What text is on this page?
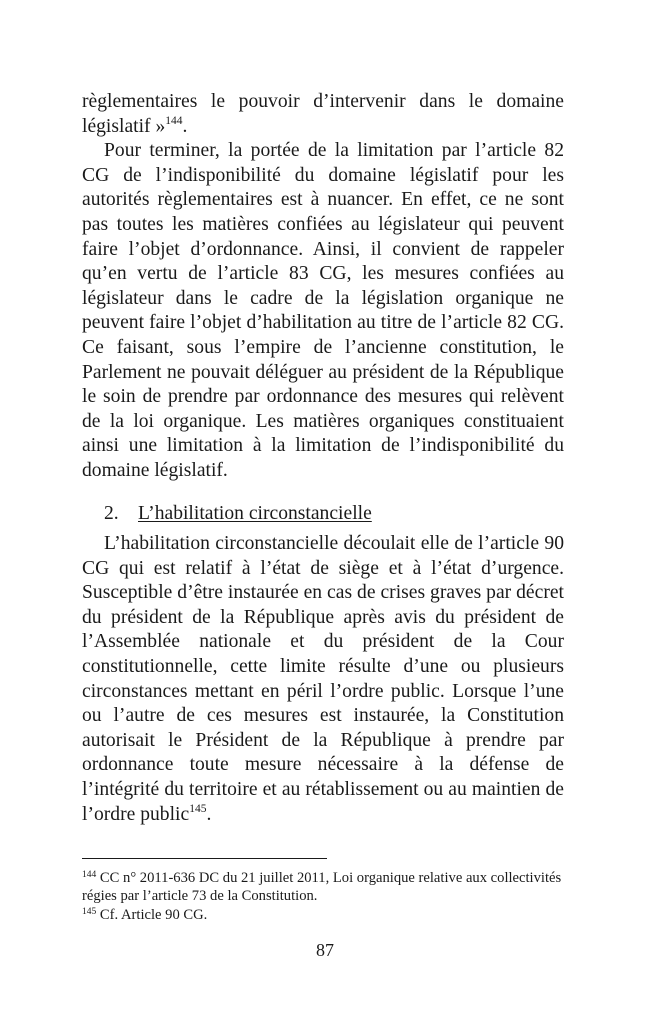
règlementaires le pouvoir d’intervenir dans le domaine législatif »$^{144}$.

Pour terminer, la portée de la limitation par l’article 82 CG de l’indisponibilité du domaine législatif pour les autorités règlementaires est à nuancer. En effet, ce ne sont pas toutes les matières confiées au législateur qui peuvent faire l’objet d’ordonnance. Ainsi, il convient de rappeler qu’en vertu de l’article 83 CG, les mesures confiées au législateur dans le cadre de la législation organique ne peuvent faire l’objet d’habilitation au titre de l’article 82 CG. Ce faisant, sous l’empire de l’ancienne constitution, le Parlement ne pouvait déléguer au président de la République le soin de prendre par ordonnance des mesures qui relèvent de la loi organique. Les matières organiques constituaient ainsi une limitation à la limitation de l’indisponibilité du domaine législatif.

2. L’habilitation circonstancielle

L’habilitation circonstancielle découlait elle de l’article 90 CG qui est relatif à l’état de siège et à l’état d’urgence. Susceptible d’être instaurée en cas de crises graves par décret du président de la République après avis du président de l’Assemblée nationale et du président de la Cour constitutionnelle, cette limite résulte d’une ou plusieurs circonstances mettant en péril l’ordre public. Lorsque l’une ou l’autre de ces mesures est instaurée, la Constitution autorisait le Président de la République à prendre par ordonnance toute mesure nécessaire à la défense de l’intégrité du territoire et au rétablissement ou au maintien de l’ordre public$^{145}$.

$^{144}$ CC n° 2011-636 DC du 21 juillet 2011, Loi organique relative aux collectivités régies par l’article 73 de la Constitution.

$^{145}$ Cf. Article 90 CG.

87
